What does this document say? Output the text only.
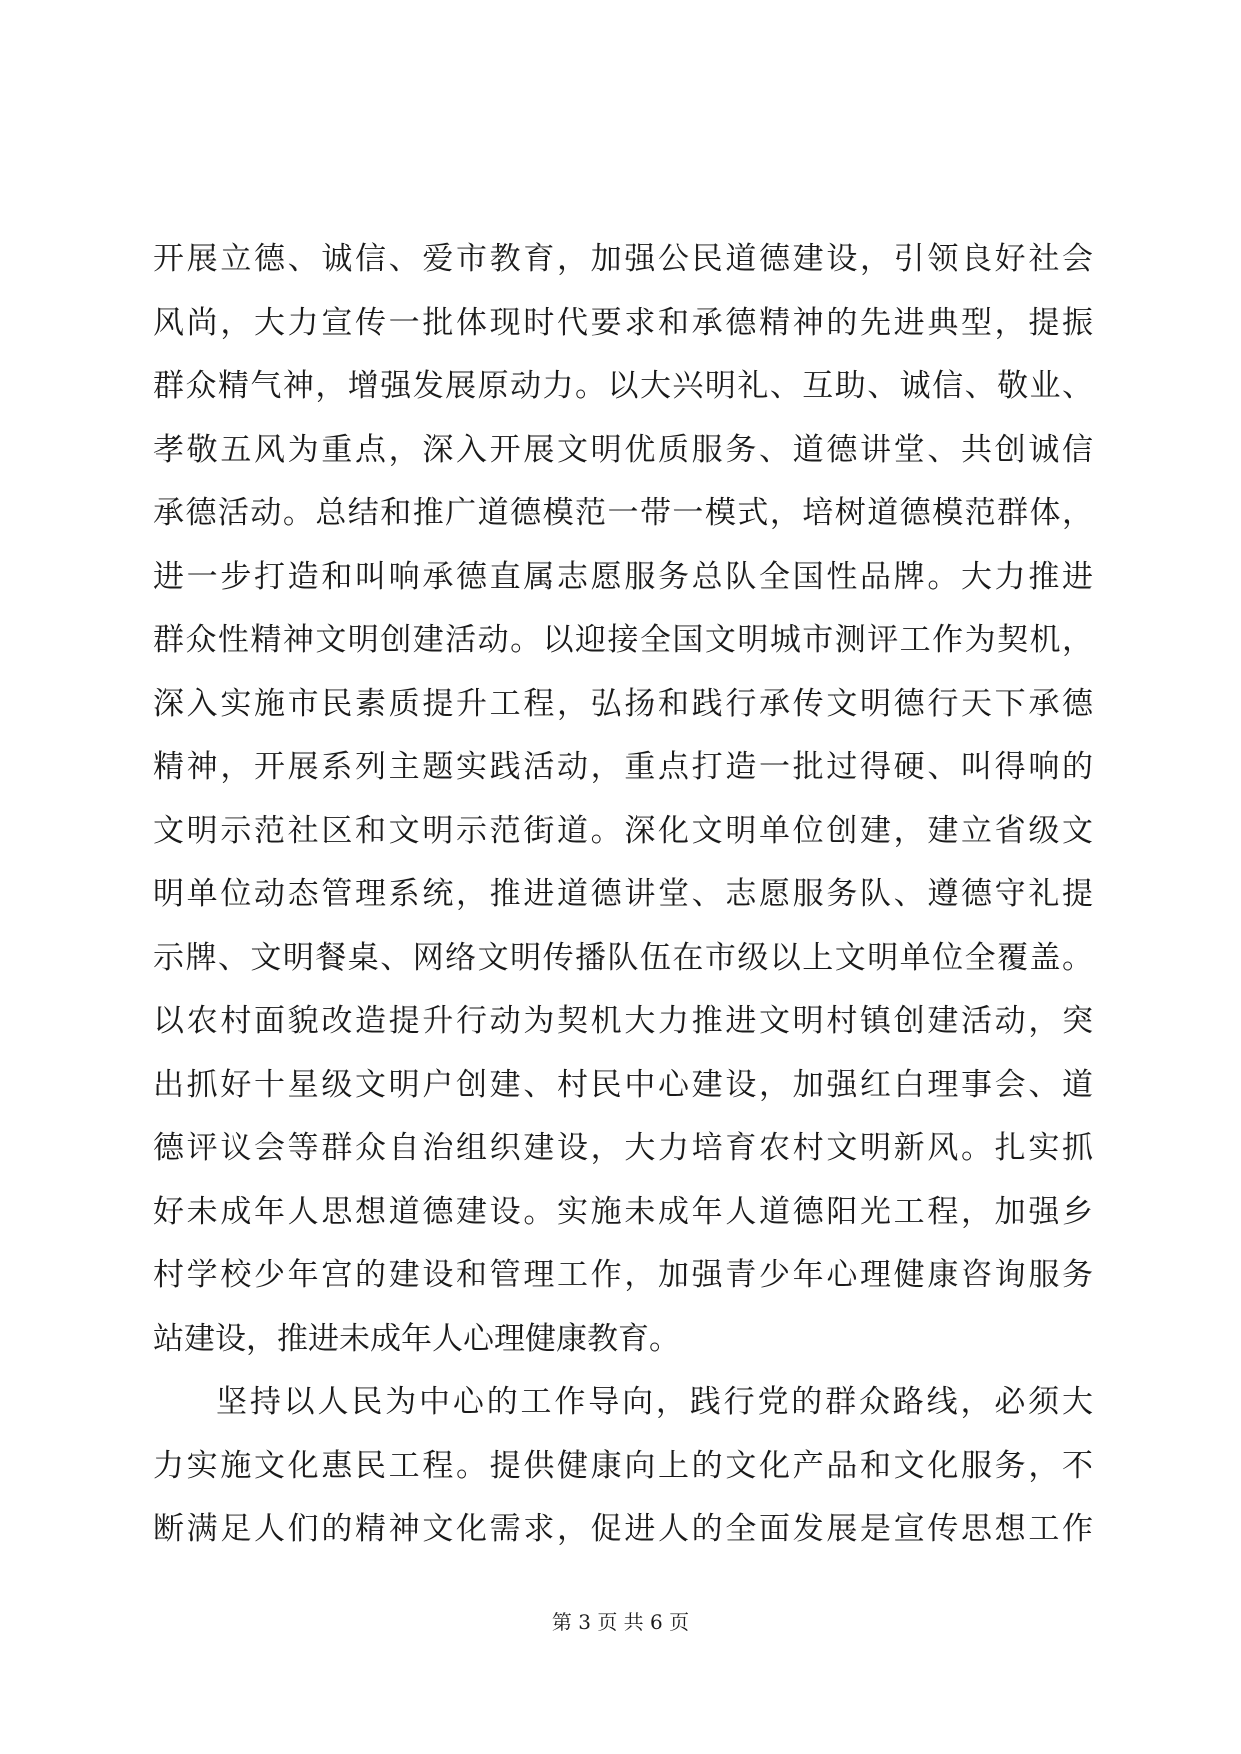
开展立德、诚信、爱市教育，加强公民道德建设，引领良好社会
风尚，大力宣传一批体现时代要求和承德精神的先进典型，提振
群众精气神，增强发展原动力。以大兴明礼、互助、诚信、敬业、
孝敬五风为重点，深入开展文明优质服务、道德讲堂、共创诚信
承德活动。总结和推广道德模范一带一模式，培树道德模范群体，
进一步打造和叫响承德直属志愿服务总队全国性品牌。大力推进
群众性精神文明创建活动。以迎接全国文明城市测评工作为契机，
深入实施市民素质提升工程，弘扬和践行承传文明德行天下承德
精神，开展系列主题实践活动，重点打造一批过得硬、叫得响的
文明示范社区和文明示范街道。深化文明单位创建，建立省级文
明单位动态管理系统，推进道德讲堂、志愿服务队、遵德守礼提
示牌、文明餐桌、网络文明传播队伍在市级以上文明单位全覆盖。
以农村面貌改造提升行动为契机大力推进文明村镇创建活动，突
出抓好十星级文明户创建、村民中心建设，加强红白理事会、道
德评议会等群众自治组织建设，大力培育农村文明新风。扎实抓
好未成年人思想道德建设。实施未成年人道德阳光工程，加强乡
村学校少年宫的建设和管理工作，加强青少年心理健康咨询服务
站建设，推进未成年人心理健康教育。
坚持以人民为中心的工作导向，践行党的群众路线，必须大
力实施文化惠民工程。提供健康向上的文化产品和文化服务，不
断满足人们的精神文化需求，促进人的全面发展是宣传思想工作
第 3 页 共 6 页
